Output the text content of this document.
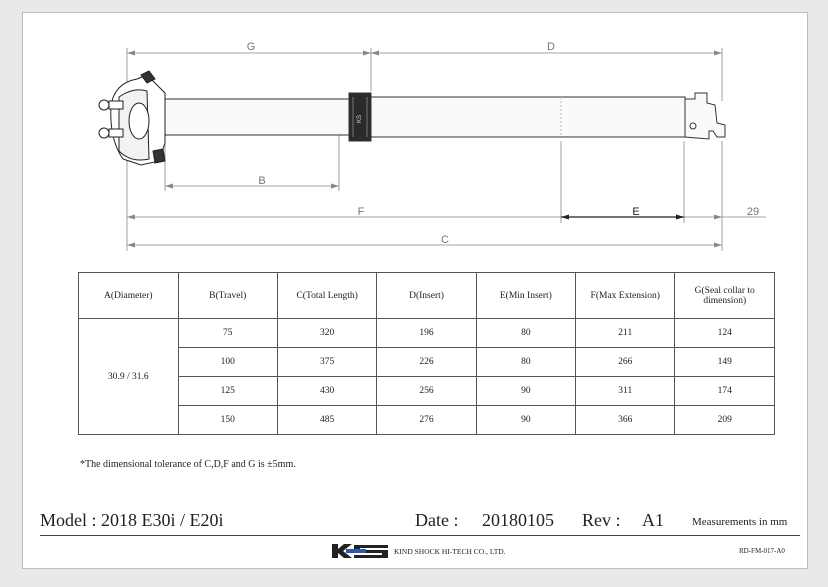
G	D
B
F	E	29
C
KS
A(Diameter)	B(Travel)	C(Total Length)	D(Insert)	E(Min Insert)	F(Max Extension)	G(Seal collar to dimension)
30.9 / 31.6	75	320	196	80	211	124
	100	375	226	80	266	149
	125	430	256	90	311	174
	150	485	276	90	366	209
*The dimensional tolerance of C,D,F and G is ±5mm.
Model : 2018 E30i / E20i	Date : 20180105 Rev : A1	Measurements in mm
KIND SHOCK HI-TECH CO., LTD.	RD-FM-017-A0
